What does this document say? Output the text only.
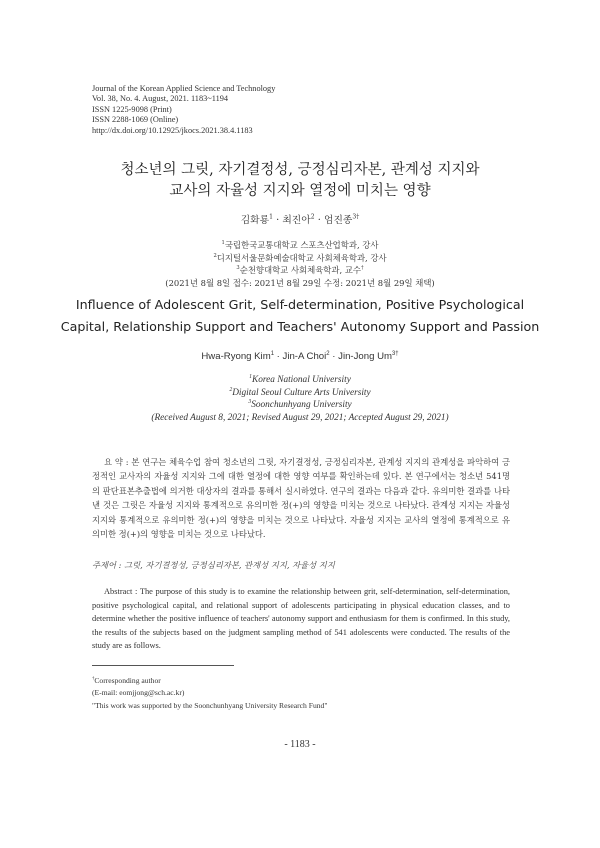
Journal of the Korean Applied Science and Technology
Vol. 38, No. 4. August, 2021. 1183~1194
ISSN 1225-9098 (Print)
ISSN 2288-1069 (Online)
http://dx.doi.org/10.12925/jkocs.2021.38.4.1183
청소년의 그릿, 자기결정성, 긍정심리자본, 관계성 지지와
교사의 자율성 지지와 열정에 미치는 영향
김화룡$^1$ · 최진아$^2$ · 엄진종$^{3\dagger}$
$^1$국립한국교통대학교 스포츠산업학과, 강사
$^2$디지털서울문화예술대학교 사회체육학과, 강사
$^3$순천향대학교 사회체육학과, 교수†
(2021년 8월 8일 접수: 2021년 8월 29일 수정: 2021년 8월 29일 채택)
Influence of Adolescent Grit, Self-determination, Positive Psychological
Capital, Relationship Support and Teachers' Autonomy Support and Passion
Hwa-Ryong Kim$^1$ · Jin-A Choi$^2$ · Jin-Jong $Um^{3\dagger}$
$^1$Korea National University
$^2$Digital Seoul Culture Arts University
$^3$Soonchunhyang University
(Received August 8, 2021; Revised August 29, 2021; Accepted August 29, 2021)
요 약 : 본 연구는 체육수업 참여 청소년의 그릿, 자기결정성, 긍정심리자본, 관계성 지지의 관계성을 파악하여 긍정적인 교사자의 자율성 지지와 그에 대한 열정에 대한 영향 여부를 확인하는데 있다. 본 연구에서는 청소년 541명의 판단표본추출법에 의거한 대상자의 결과를 통해서 실시하였다. 연구의 결과는 다음과 같다. 유의미한 결과를 나타낸 것은 그릿은 자율성 지지와 통계적으로 유의미한 정(+)의 영향을 미치는 것으로 나타났다. 관계성 지지는 자율성 지지와 통계적으로 유의미한 정(+)의 영향을 미치는 것으로 나타났다. 자율성 지지는 교사의 열정에 통계적으로 유의미한 정(+)의 영향을 미치는 것으로 나타났다.
주제어 : 그릿, 자기결정성, 긍정심리자본, 관계성 지지, 자율성 지지
Abstract : The purpose of this study is to examine the relationship between grit, self-determination, self-determination, positive psychological capital, and relational support of adolescents participating in physical education classes, and to determine whether the positive influence of teachers' autonomy support and enthusiasm for them is confirmed. In this study, the results of the subjects based on the judgment sampling method of 541 adolescents were conducted. The results of the study are as follows.
†Corresponding author
(E-mail: eomjjong@sch.ac.kr)
"This work was supported by the Soonchunhyang University Research Fund"
- 1183 -
